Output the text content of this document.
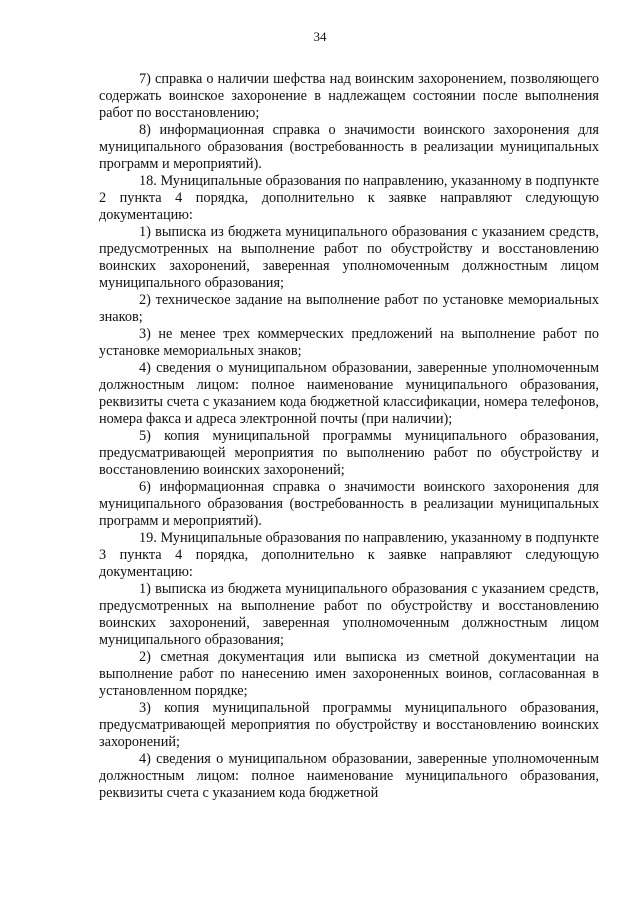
34

7) справка о наличии шефства над воинским захоронением, позволяющего содержать воинское захоронение в надлежащем состоянии после выполнения работ по восстановлению;

8) информационная справка о значимости воинского захоронения для муниципального образования (востребованность в реализации муниципальных программ и мероприятий).

18. Муниципальные образования по направлению, указанному в подпункте 2 пункта 4 порядка, дополнительно к заявке направляют следующую документацию:

1) выписка из бюджета муниципального образования с указанием средств, предусмотренных на выполнение работ по обустройству и восстановлению воинских захоронений, заверенная уполномоченным должностным лицом муниципального образования;

2) техническое задание на выполнение работ по установке мемориальных знаков;

3) не менее трех коммерческих предложений на выполнение работ по установке мемориальных знаков;

4) сведения о муниципальном образовании, заверенные уполномоченным должностным лицом: полное наименование муниципального образования, реквизиты счета с указанием кода бюджетной классификации, номера телефонов, номера факса и адреса электронной почты (при наличии);

5) копия муниципальной программы муниципального образования, предусматривающей мероприятия по выполнению работ по обустройству и восстановлению воинских захоронений;

6) информационная справка о значимости воинского захоронения для муниципального образования (востребованность в реализации муниципальных программ и мероприятий).

19. Муниципальные образования по направлению, указанному в подпункте 3 пункта 4 порядка, дополнительно к заявке направляют следующую документацию:

1) выписка из бюджета муниципального образования с указанием средств, предусмотренных на выполнение работ по обустройству и восстановлению воинских захоронений, заверенная уполномоченным должностным лицом муниципального образования;

2) сметная документация или выписка из сметной документации на выполнение работ по нанесению имен захороненных воинов, согласованная в установленном порядке;

3) копия муниципальной программы муниципального образования, предусматривающей мероприятия по обустройству и восстановлению воинских захоронений;

4) сведения о муниципальном образовании, заверенные уполномоченным должностным лицом: полное наименование муниципального образования, реквизиты счета с указанием кода бюджетной
